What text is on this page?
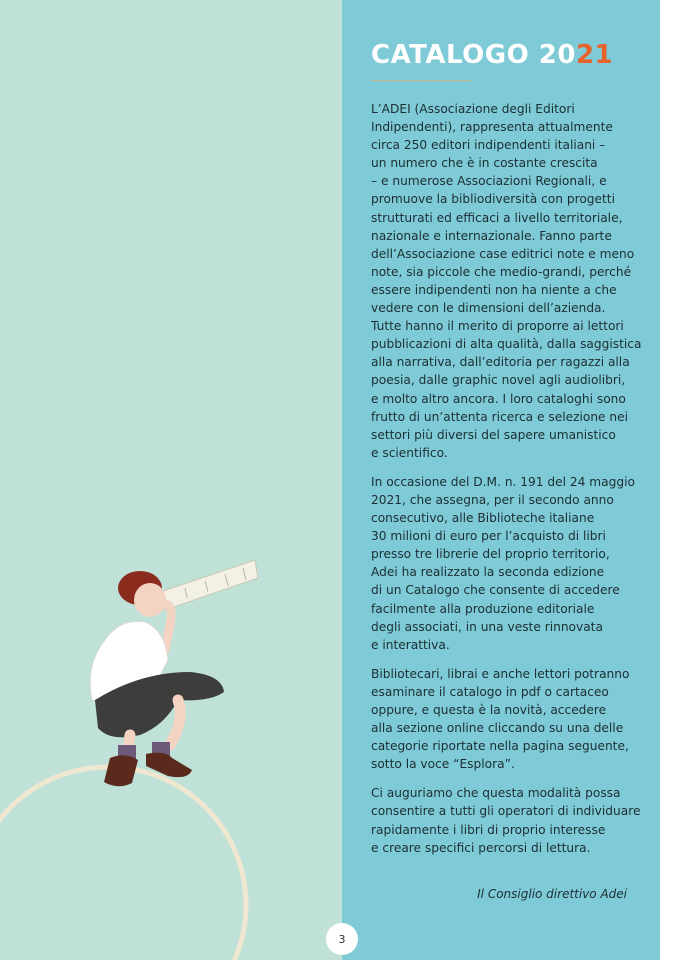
CATALOGO 2021

L’ADEI (Associazione degli Editori
Indipendenti), rappresenta attualmente
circa 250 editori indipendenti italiani –
un numero che è in costante crescita
– e numerose Associazioni Regionali, e
promuove la bibliodiversità con progetti
strutturati ed efficaci a livello territoriale,
nazionale e internazionale. Fanno parte
dell’Associazione case editrici note e meno
note, sia piccole che medio-grandi, perché
essere indipendenti non ha niente a che
vedere con le dimensioni dell’azienda.
Tutte hanno il merito di proporre ai lettori
pubblicazioni di alta qualità, dalla saggistica
alla narrativa, dall’editoria per ragazzi alla
poesia, dalle graphic novel agli audiolibri,
e molto altro ancora. I loro cataloghi sono
frutto di un’attenta ricerca e selezione nei
settori più diversi del sapere umanistico
e scientifico.

In occasione del D.M. n. 191 del 24 maggio
2021, che assegna, per il secondo anno
consecutivo, alle Biblioteche italiane
30 milioni di euro per l’acquisto di libri
presso tre librerie del proprio territorio,
Adei ha realizzato la seconda edizione
di un Catalogo che consente di accedere
facilmente alla produzione editoriale
degli associati, in una veste rinnovata
e interattiva.

Bibliotecari, librai e anche lettori potranno
esaminare il catalogo in pdf o cartaceo
oppure, e questa è la novità, accedere
alla sezione online cliccando su una delle
categorie riportate nella pagina seguente,
sotto la voce “Esplora”.

Ci auguriamo che questa modalità possa
consentire a tutti gli operatori di individuare
rapidamente i libri di proprio interesse
e creare specifici percorsi di lettura.

Il Consiglio direttivo Adei
3
